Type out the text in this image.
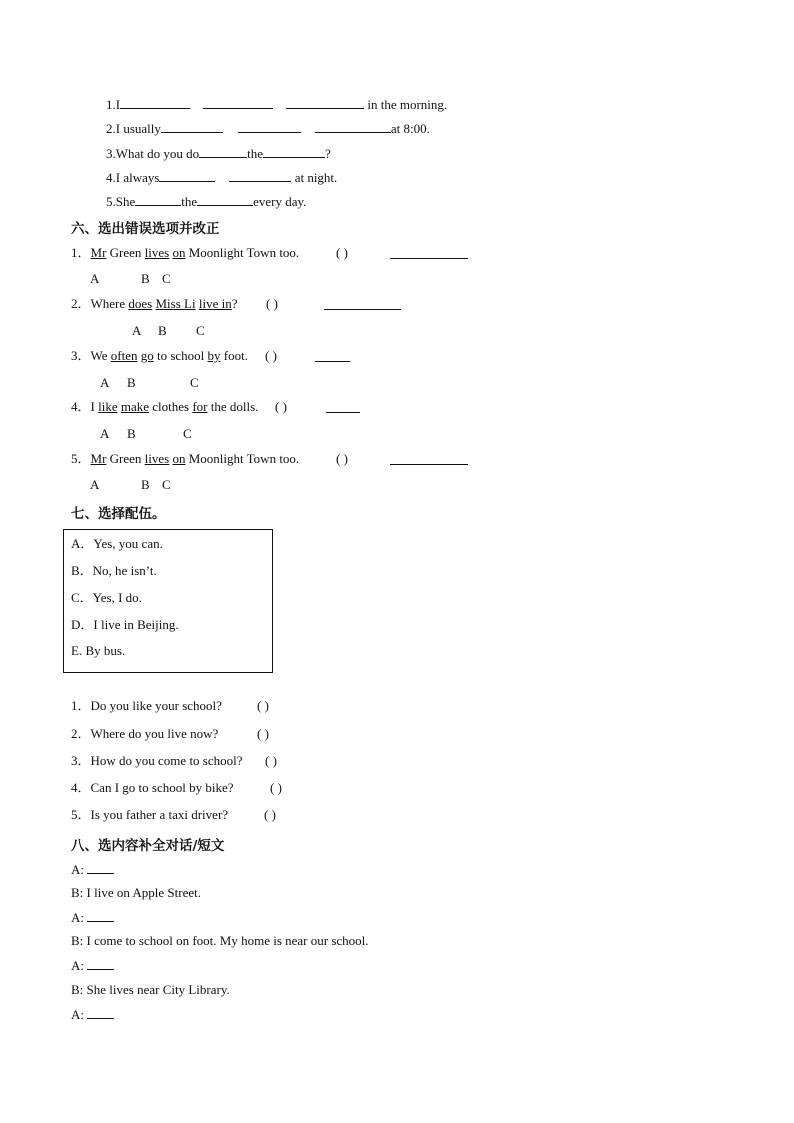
1.I	in the morning.
2.I usually	at 8:00.
3.What do you do	the	?
4.I always	at night.
5.She	the	every day.
六、选出错误选项并改正
1．Mr Green lives on Moonlight Town too.	( )
A	B C
2．Where does Miss Li live in? ( )
A B C
3．We often go to school by foot. ( )
A B	C
4．I like make clothes for the dolls. ( )
A B	C
5．Mr Green lives on Moonlight Town too.	( )
A	B C
七、选择配伍。
A．Yes, you can.
B．No, he isn’t.
C．Yes, I do.
D．I live in Beijing.
E. By bus.
1．Do you like your school?	( )
2．Where do you live now?	( )
3．How do you come to school? ( )
4．Can I go to school by bike?	( )
5．Is you father a taxi driver?	( )
八、选内容补全对话/短文
A:
B: I live on Apple Street.
A:
B: I come to school on foot. My home is near our school.
A:
B: She lives near City Library.
A:
